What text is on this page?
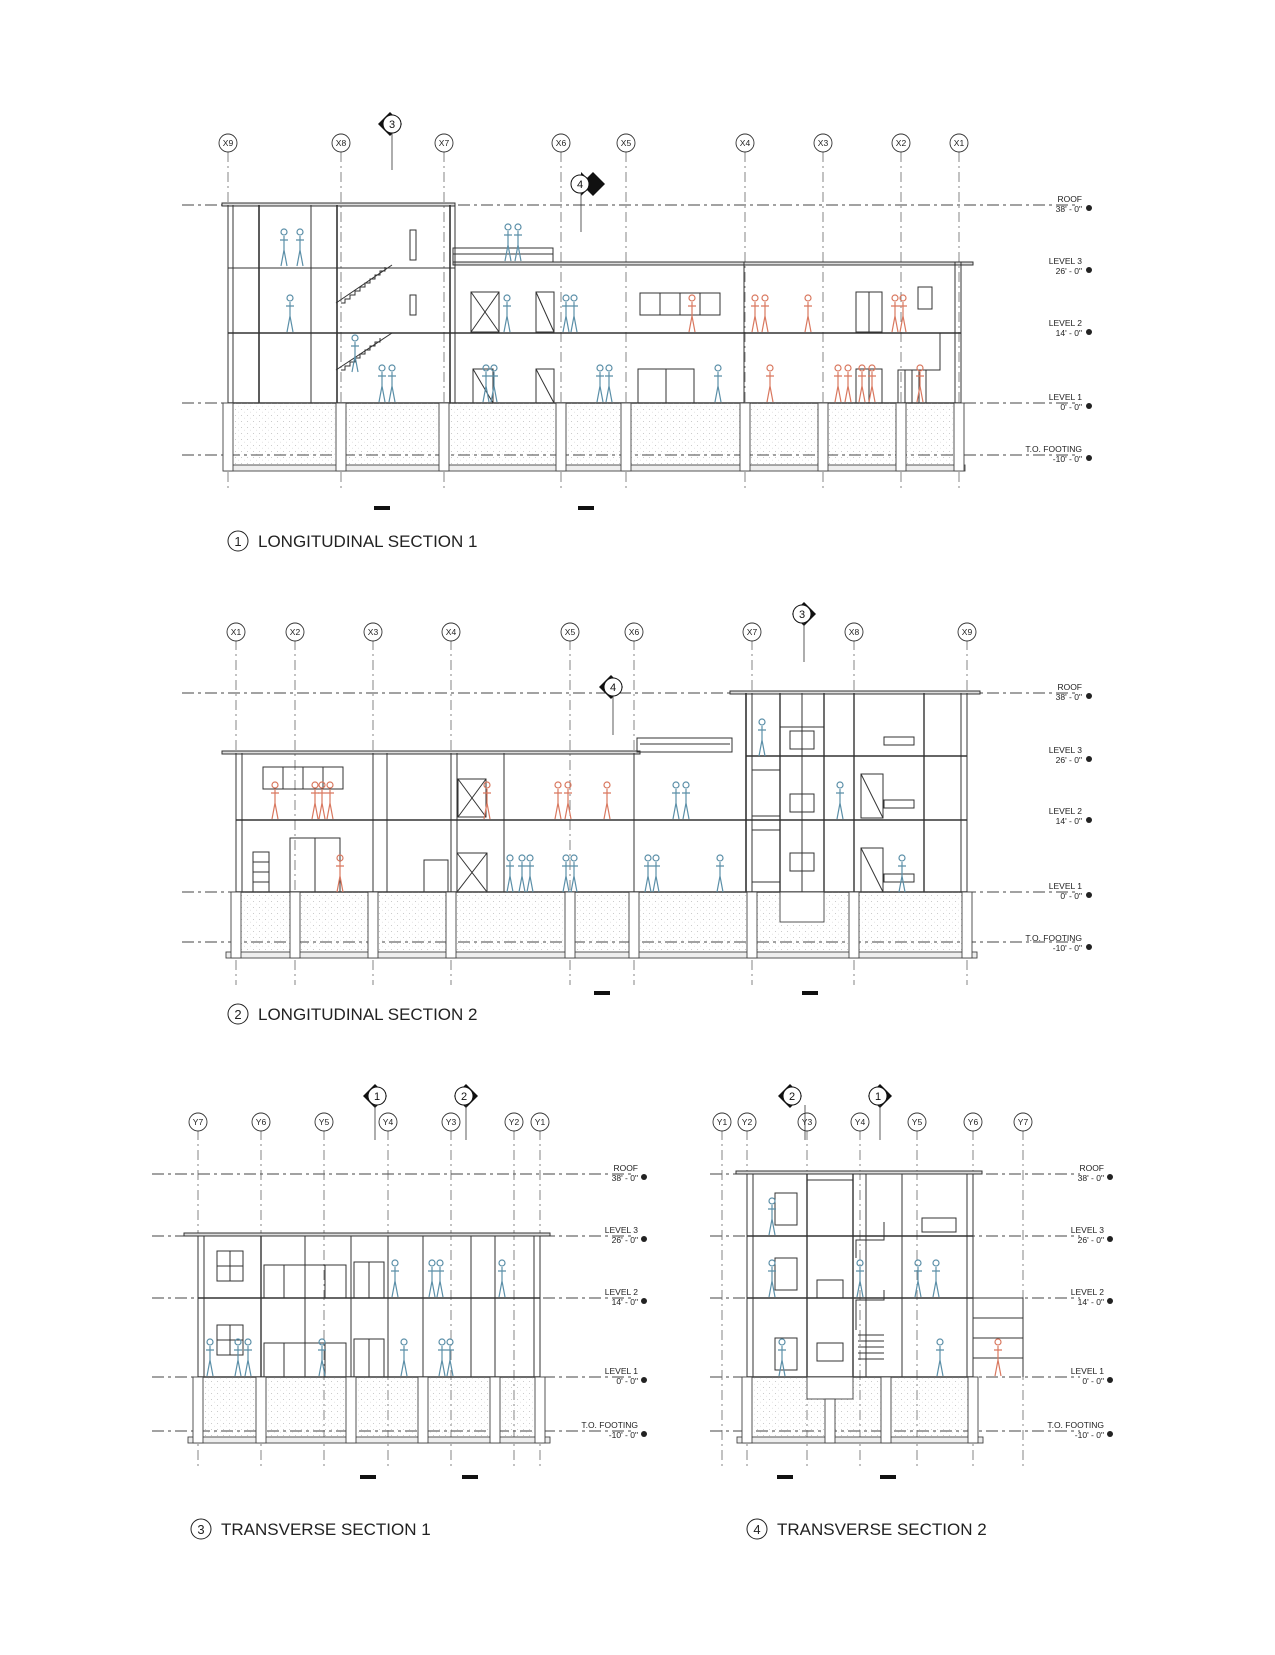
ROOF
38' - 0"
LEVEL 3
26' - 0"
LEVEL 2
14' - 0"
LEVEL 1
0' - 0"
T.O. FOOTING
-10' - 0"
X9	X8	X7	X6	X5	X4	X3	X2	X1
3
4
1 LONGITUDINAL SECTION 1
ROOF
38' - 0"
LEVEL 3
26' - 0"
LEVEL 2
14' - 0"
LEVEL 1
0' - 0"
T.O. FOOTING
-10' - 0"
X1	X2	X3	X4	X5	X6	X7	X8	X9
3
4
2 LONGITUDINAL SECTION 2
ROOF
38' - 0"
LEVEL 3
26' - 0"
LEVEL 2
14' - 0"
LEVEL 1
0' - 0"
T.O. FOOTING
-10' - 0"
Y7	Y6	Y5	Y4	Y3	Y2 Y1
1	2
3 TRANSVERSE SECTION 1
ROOF
38' - 0"
LEVEL 3
26' - 0"
LEVEL 2
14' - 0"
LEVEL 1
0' - 0"
T.O. FOOTING
-10' - 0"
Y1 Y2	Y3	Y4	Y5	Y6	Y7
2	1
4 TRANSVERSE SECTION 2
